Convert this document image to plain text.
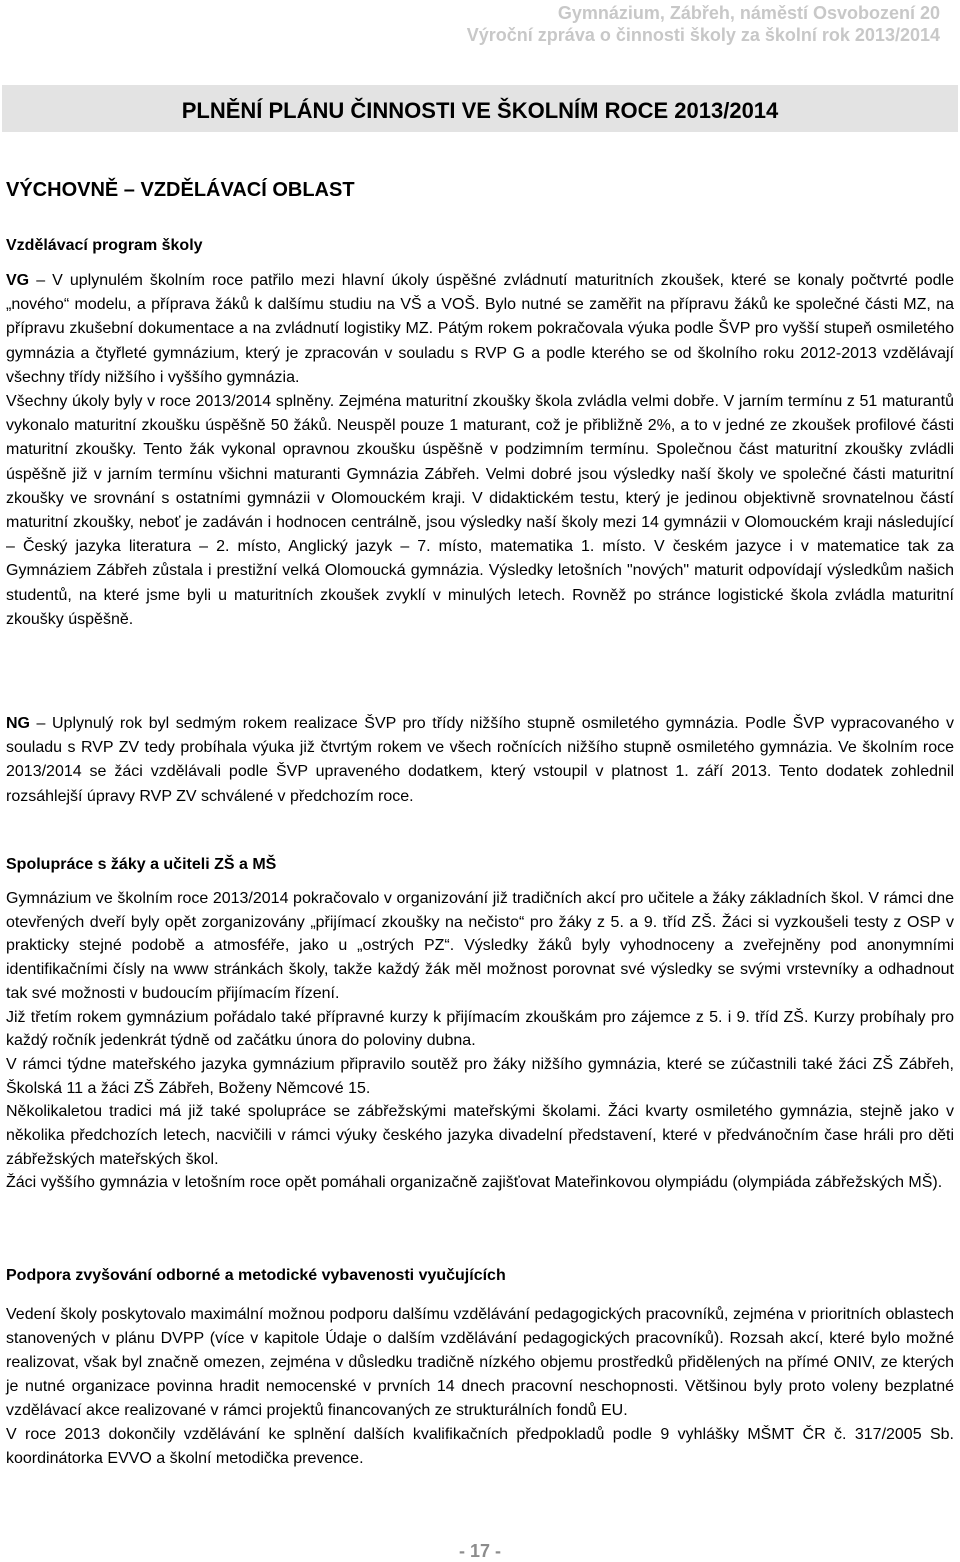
Gymnázium, Zábřeh, náměstí Osvobození 20
Výroční zpráva o činnosti školy za školní rok 2013/2014
PLNĚNÍ PLÁNU ČINNOSTI VE ŠKOLNÍM ROCE 2013/2014
VÝCHOVNĚ – VZDĚLÁVACÍ OBLAST
Vzdělávací program školy

VG – V uplynulém školním roce patřilo mezi hlavní úkoly úspěšné zvládnutí maturitních zkoušek, které se konaly počtvrté podle „nového“ modelu, a příprava žáků k dalšímu studiu na VŠ a VOŠ. Bylo nutné se zaměřit na přípravu žáků ke společné části MZ, na přípravu zkušební dokumentace a na zvládnutí logistiky MZ. Pátým rokem pokračovala výuka podle ŠVP pro vyšší stupeň osmiletého gymnázia a čtyřleté gymnázium, který je zpracován v souladu s RVP G a podle kterého se od školního roku 2012-2013 vzdělávají všechny třídy nižšího i vyššího gymnázia.

Všechny úkoly byly v roce 2013/2014 splněny. Zejména maturitní zkoušky škola zvládla velmi dobře. V jarním termínu z 51 maturantů vykonalo maturitní zkoušku úspěšně 50 žáků. Neuspěl pouze 1 maturant, což je přibližně 2%, a to v jedné ze zkoušek profilové části maturitní zkoušky. Tento žák vykonal opravnou zkoušku úspěšně v podzimním termínu. Společnou část maturitní zkoušky zvládli úspěšně již v jarním termínu všichni maturanti Gymnázia Zábřeh. Velmi dobré jsou výsledky naší školy ve společné části maturitní zkoušky ve srovnání s ostatními gymnázii v Olomouckém kraji. V didaktickém testu, který je jedinou objektivně srovnatelnou částí maturitní zkoušky, neboť je zadáván i hodnocen centrálně, jsou výsledky naší školy mezi 14 gymnázii v Olomouckém kraji následující – Český jazyka literatura – 2. místo, Anglický jazyk – 7. místo, matematika 1. místo. V českém jazyce i v matematice tak za Gymnáziem Zábřeh zůstala i prestižní velká Olomoucká gymnázia. Výsledky letošních "nových" maturit odpovídají výsledkům našich studentů, na které jsme byli u maturitních zkoušek zvyklí v minulých letech. Rovněž po stránce logistické škola zvládla maturitní zkoušky úspěšně.

NG – Uplynulý rok byl sedmým rokem realizace ŠVP pro třídy nižšího stupně osmiletého gymnázia. Podle ŠVP vypracovaného v souladu s RVP ZV tedy probíhala výuka již čtvrtým rokem ve všech ročnících nižšího stupně osmiletého gymnázia. Ve školním roce 2013/2014 se žáci vzdělávali podle ŠVP upraveného dodatkem, který vstoupil v platnost 1. září 2013. Tento dodatek zohlednil rozsáhlejší úpravy RVP ZV schválené v předchozím roce.

Spolupráce s žáky a učiteli ZŠ a MŠ

Gymnázium ve školním roce 2013/2014 pokračovalo v organizování již tradičních akcí pro učitele a žáky základních škol. V rámci dne otevřených dveří byly opět zorganizovány „přijímací zkoušky na nečisto“ pro žáky z 5. a 9. tříd ZŠ. Žáci si vyzkoušeli testy z OSP v prakticky stejné podobě a atmosféře, jako u „ostrých PZ“. Výsledky žáků byly vyhodnoceny a zveřejněny pod anonymními identifikačními čísly na www stránkách školy, takže každý žák měl možnost porovnat své výsledky se svými vrstevníky a odhadnout tak své možnosti v budoucím přijímacím řízení.

Již třetím rokem gymnázium pořádalo také přípravné kurzy k přijímacím zkouškám pro zájemce z 5. i 9. tříd ZŠ. Kurzy probíhaly pro každý ročník jedenkrát týdně od začátku února do poloviny dubna.

V rámci týdne mateřského jazyka gymnázium připravilo soutěž pro žáky nižšího gymnázia, které se zúčastnili také žáci ZŠ Zábřeh, Školská 11 a žáci ZŠ Zábřeh, Boženy Němcové 15.

Několikaletou tradici má již také spolupráce se zábřežskými mateřskými školami. Žáci kvarty osmiletého gymnázia, stejně jako v několika předchozích letech, nacvičili v rámci výuky českého jazyka divadelní představení, které v předvánočním čase hráli pro děti zábřežských mateřských škol.

Žáci vyššího gymnázia v letošním roce opět pomáhali organizačně zajišťovat Mateřinkovou olympiádu (olympiáda zábřežských MŠ).

Podpora zvyšování odborné a metodické vybavenosti vyučujících

Vedení školy poskytovalo maximální možnou podporu dalšímu vzdělávání pedagogických pracovníků, zejména v prioritních oblastech stanovených v plánu DVPP (více v kapitole Údaje o dalším vzdělávání pedagogických pracovníků). Rozsah akcí, které bylo možné realizovat, však byl značně omezen, zejména v důsledku tradičně nízkého objemu prostředků přidělených na přímé ONIV, ze kterých je nutné organizace povinna hradit nemocenské v prvních 14 dnech pracovní neschopnosti. Většinou byly proto voleny bezplatné vzdělávací akce realizované v rámci projektů financovaných ze strukturálních fondů EU.

V roce 2013 dokončily vzdělávání ke splnění dalších kvalifikačních předpokladů podle 9 vyhlášky MŠMT ČR č. 317/2005 Sb. koordinátorka EVVO a školní metodička prevence.

- 17 -
